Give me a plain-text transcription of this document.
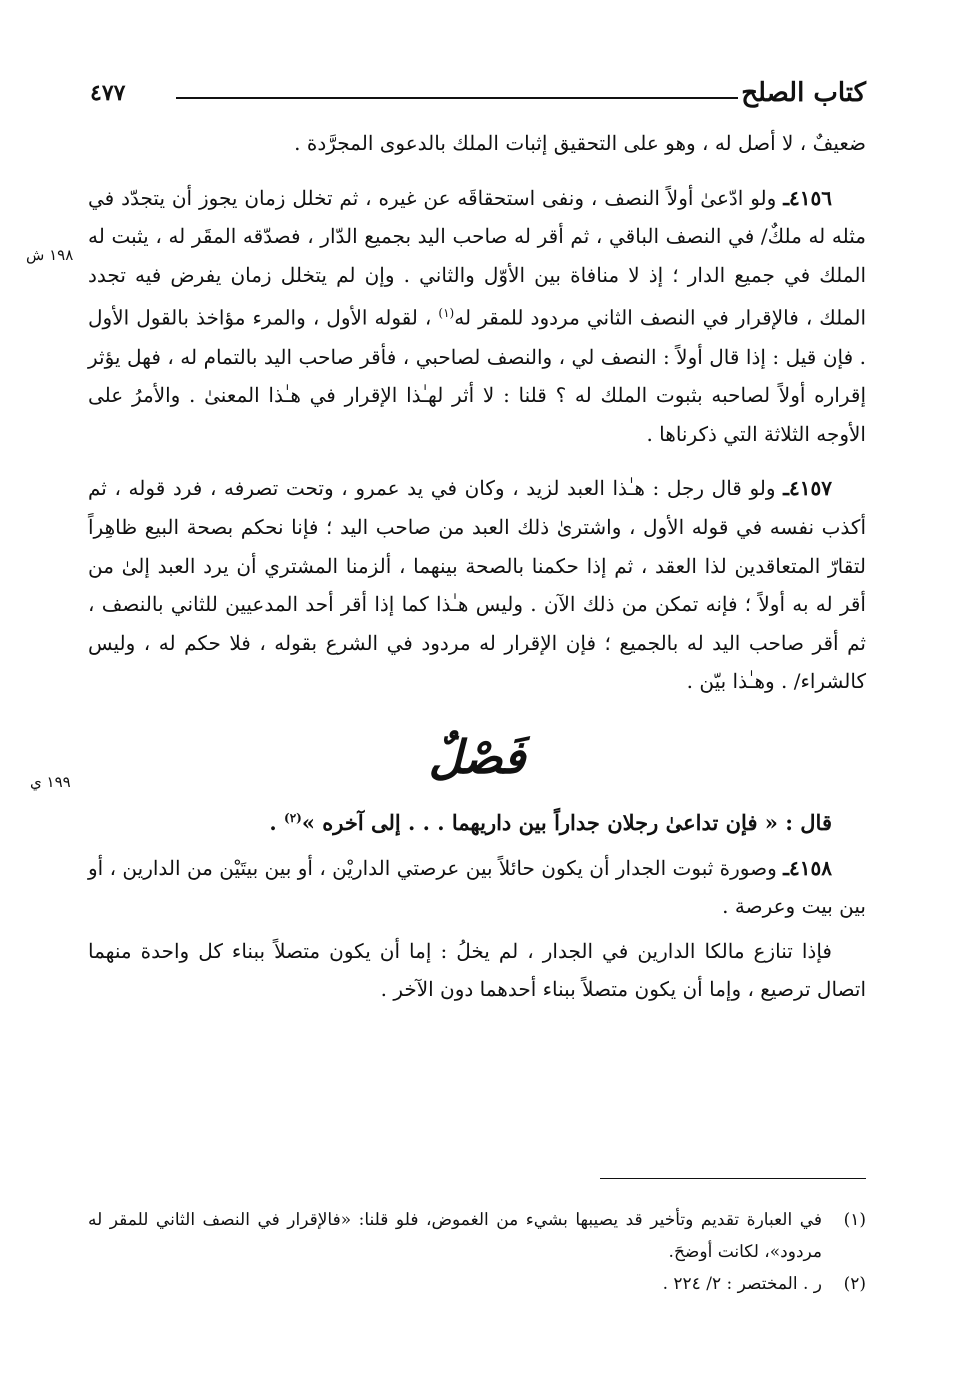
كتاب الصلح
٤٧٧
١٩٨ ش
١٩٩ ي

ضعيفٌ ، لا أصل له ، وهو على التحقيق إثبات الملك بالدعوى المجرَّدة .

٤١٥٦ـ ولو ادّعىٰ أولاً النصف ، ونفى استحقاقَه عن غيره ، ثم تخلل زمان يجوز أن يتجدّد في مثله له ملكٌ/ في النصف الباقي ، ثم أقر له صاحب اليد بجميع الدّار ، فصدّقه المقَر له ، يثبت له الملك في جميع الدار ؛ إذ لا منافاة بين الأوّل والثاني . وإن لم يتخلل زمان يفرض فيه تجدد الملك ، فالإقرار في النصف الثاني مردود للمقر له$^{(١)}$ ، لقوله الأول ، والمرء مؤاخذ بالقول الأول . فإن قيل : إذا قال أولاً : النصف لي ، والنصف لصاحبي ، فأقر صاحب اليد بالتمام له ، فهل يؤثر إقراره أولاً لصاحبه بثبوت الملك له ؟ قلنا : لا أثر لهـٰذا الإقرار في هـٰذا المعنىٰ . والأمرُ على الأوجه الثلاثة التي ذكرناها .

٤١٥٧ـ ولو قال رجل : هـٰذا العبد لزيد ، وكان في يد عمرو ، وتحت تصرفه ، فرد قوله ، ثم أكذب نفسه في قوله الأول ، واشترىٰ ذلك العبد من صاحب اليد ؛ فإنا نحكم بصحة البيع ظاهِراً لتقارّ المتعاقدين لذا العقد ، ثم إذا حكمنا بالصحة بينهما ، ألزمنا المشتري أن يرد العبد إلىٰ من أقر له به أولاً ؛ فإنه تمكن من ذلك الآن . وليس هـٰذا كما إذا أقر أحد المدعيين للثاني بالنصف ، ثم أقر صاحب اليد له بالجميع ؛ فإن الإقرار له مردود في الشرع بقوله ، فلا حكم له ، وليس كالشراء/ . وهـٰذا بيّن .

فَصْلٌ

قال : « فإن تداعىٰ رجلان جداراً بين داريهما . . . إلى آخره »$^{(٢)}$ .

٤١٥٨ـ وصورة ثبوت الجدار أن يكون حائلاً بين عرصتي الداريْن ، أو بين بيتَيْن من الدارين ، أو بين بيت وعرصة .

فإذا تنازع مالكا الدارين في الجدار ، لم يخلُ : إما أن يكون متصلاً ببناء كل واحدة منهما اتصال ترصيع ، وإما أن يكون متصلاً ببناء أحدهما دون الآخر .

(١)
في العبارة تقديم وتأخير قد يصيبها بشيء من الغموض، فلو قلنا: «فالإقرار في النصف الثاني للمقر له مردود»، لكانت أوضحَ.

(٢)
ر . المختصر : ٢/ ٢٢٤ .
